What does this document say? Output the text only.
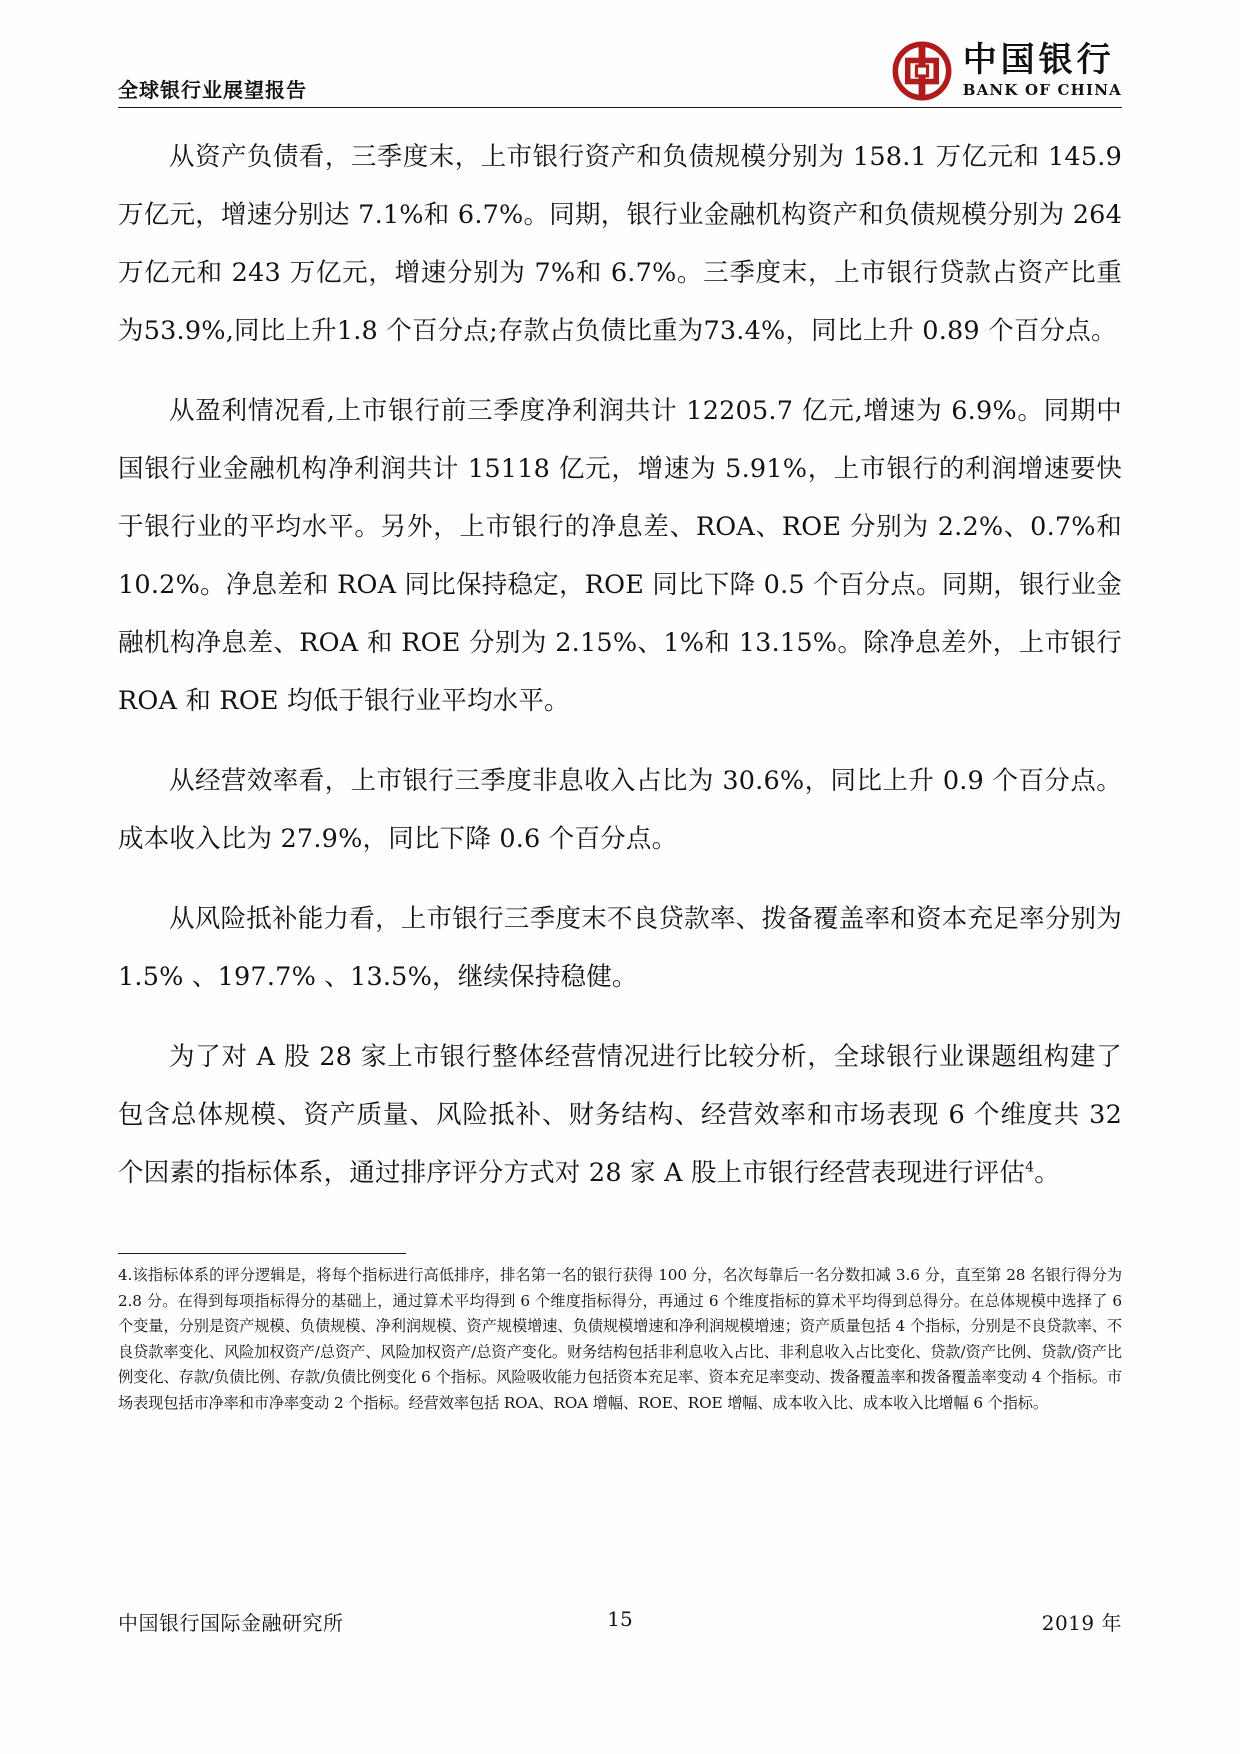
全球银行业展望报告
中国银行
BANK OF CHINA

从资产负债看，三季度末，上市银行资产和负债规模分别为 158.1 万亿元和 145.9 万亿元，增速分别达 7.1%和 6.7%。同期，银行业金融机构资产和负债规模分别为 264 万亿元和 243 万亿元，增速分别为 7%和 6.7%。三季度末，上市银行贷款占资产比重为53.9%,同比上升1.8 个百分点;存款占负债比重为73.4%，同比上升 0.89 个百分点。

从盈利情况看,上市银行前三季度净利润共计 12205.7 亿元,增速为 6.9%。同期中国银行业金融机构净利润共计 15118 亿元，增速为 5.91%，上市银行的利润增速要快于银行业的平均水平。另外，上市银行的净息差、ROA、ROE 分别为 2.2%、0.7%和 10.2%。净息差和 ROA 同比保持稳定，ROE 同比下降 0.5 个百分点。同期，银行业金融机构净息差、ROA 和 ROE 分别为 2.15%、1%和 13.15%。除净息差外，上市银行 ROA 和 ROE 均低于银行业平均水平。

从经营效率看，上市银行三季度非息收入占比为 30.6%，同比上升 0.9 个百分点。成本收入比为 27.9%，同比下降 0.6 个百分点。

从风险抵补能力看，上市银行三季度末不良贷款率、拨备覆盖率和资本充足率分别为 1.5% 、197.7% 、13.5%，继续保持稳健。

为了对 A 股 28 家上市银行整体经营情况进行比较分析，全球银行业课题组构建了包含总体规模、资产质量、风险抵补、财务结构、经营效率和市场表现 6 个维度共 32 个因素的指标体系，通过排序评分方式对 28 家 A 股上市银行经营表现进行评估$^4$。

4.该指标体系的评分逻辑是，将每个指标进行高低排序，排名第一名的银行获得 100 分，名次每靠后一名分数扣减 3.6 分，直至第 28 名银行得分为 2.8 分。在得到每项指标得分的基础上，通过算术平均得到 6 个维度指标得分，再通过 6 个维度指标的算术平均得到总得分。在总体规模中选择了 6 个变量，分别是资产规模、负债规模、净利润规模、资产规模增速、负债规模增速和净利润规模增速；资产质量包括 4 个指标，分别是不良贷款率、不良贷款率变化、风险加权资产/总资产、风险加权资产/总资产变化。财务结构包括非利息收入占比、非利息收入占比变化、贷款/资产比例、贷款/资产比例变化、存款/负债比例、存款/负债比例变化 6 个指标。风险吸收能力包括资本充足率、资本充足率变动、拨备覆盖率和拨备覆盖率变动 4 个指标。市场表现包括市净率和市净率变动 2 个指标。经营效率包括 ROA、ROA 增幅、ROE、ROE 增幅、成本收入比、成本收入比增幅 6 个指标。
中国银行国际金融研究所	15	2019 年
